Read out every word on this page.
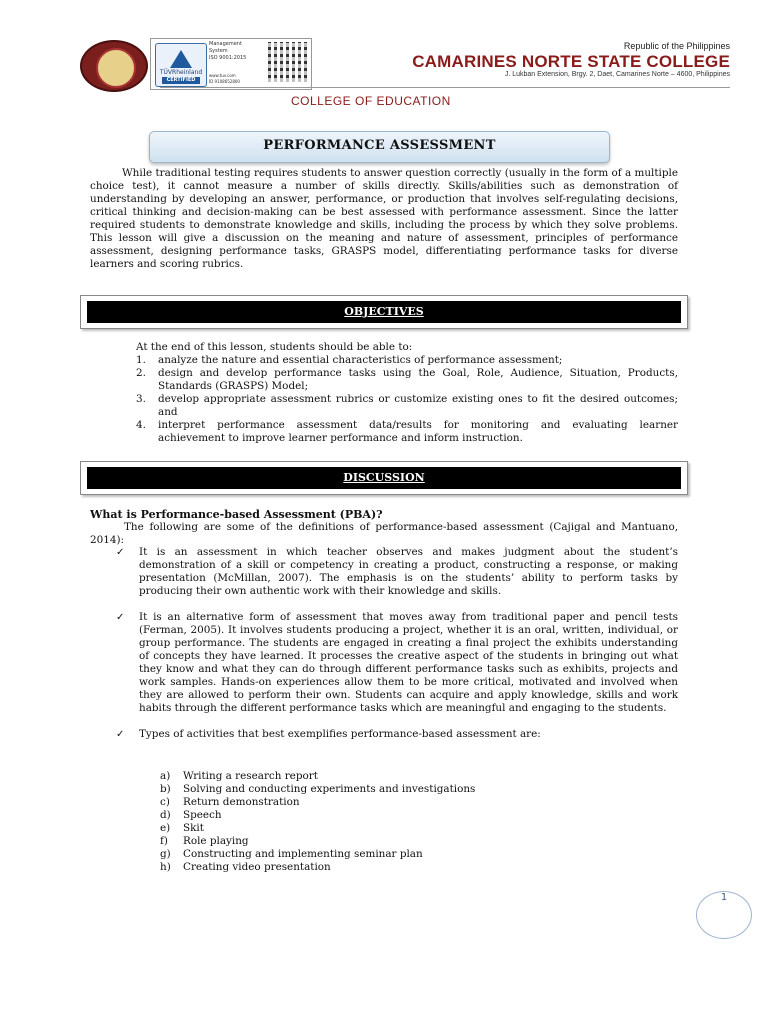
TÜVRheinland
CERTIFIED
Management
System
ISO 9001:2015
www.tuv.com
ID 9108652800
Republic of the Philippines
CAMARINES NORTE STATE COLLEGE
J. Lukban Extension, Brgy. 2, Daet, Camarines Norte – 4600, Philippines
COLLEGE OF EDUCATION
PERFORMANCE ASSESSMENT
While traditional testing requires students to answer question correctly (usually in the form of a multiple choice test), it cannot measure a number of skills directly. Skills/abilities such as demonstration of understanding by developing an answer, performance, or production that involves self-regulating decisions, critical thinking and decision-making can be best assessed with performance assessment. Since the latter required students to demonstrate knowledge and skills, including the process by which they solve problems. This lesson will give a discussion on the meaning and nature of assessment, principles of performance assessment, designing performance tasks, GRASPS model, differentiating performance tasks for diverse learners and scoring rubrics.
OBJECTIVES
At the end of this lesson, students should be able to:
1. analyze the nature and essential characteristics of performance assessment;
2. design and develop performance tasks using the Goal, Role, Audience, Situation, Products, Standards (GRASPS) Model;
3. develop appropriate assessment rubrics or customize existing ones to fit the desired outcomes; and
4. interpret performance assessment data/results for monitoring and evaluating learner achievement to improve learner performance and inform instruction.
DISCUSSION
What is Performance-based Assessment (PBA)?
The following are some of the definitions of performance-based assessment (Cajigal and Mantuano, 2014):
✓ It is an assessment in which teacher observes and makes judgment about the student’s demonstration of a skill or competency in creating a product, constructing a response, or making presentation (McMillan, 2007). The emphasis is on the students’ ability to perform tasks by producing their own authentic work with their knowledge and skills.
✓ It is an alternative form of assessment that moves away from traditional paper and pencil tests (Ferman, 2005). It involves students producing a project, whether it is an oral, written, individual, or group performance. The students are engaged in creating a final project the exhibits understanding of concepts they have learned. It processes the creative aspect of the students in bringing out what they know and what they can do through different performance tasks such as exhibits, projects and work samples. Hands-on experiences allow them to be more critical, motivated and involved when they are allowed to perform their own. Students can acquire and apply knowledge, skills and work habits through the different performance tasks which are meaningful and engaging to the students.
✓ Types of activities that best exemplifies performance-based assessment are:
a) Writing a research report
b) Solving and conducting experiments and investigations
c) Return demonstration
d) Speech
e) Skit
f) Role playing
g) Constructing and implementing seminar plan
h) Creating video presentation
1
